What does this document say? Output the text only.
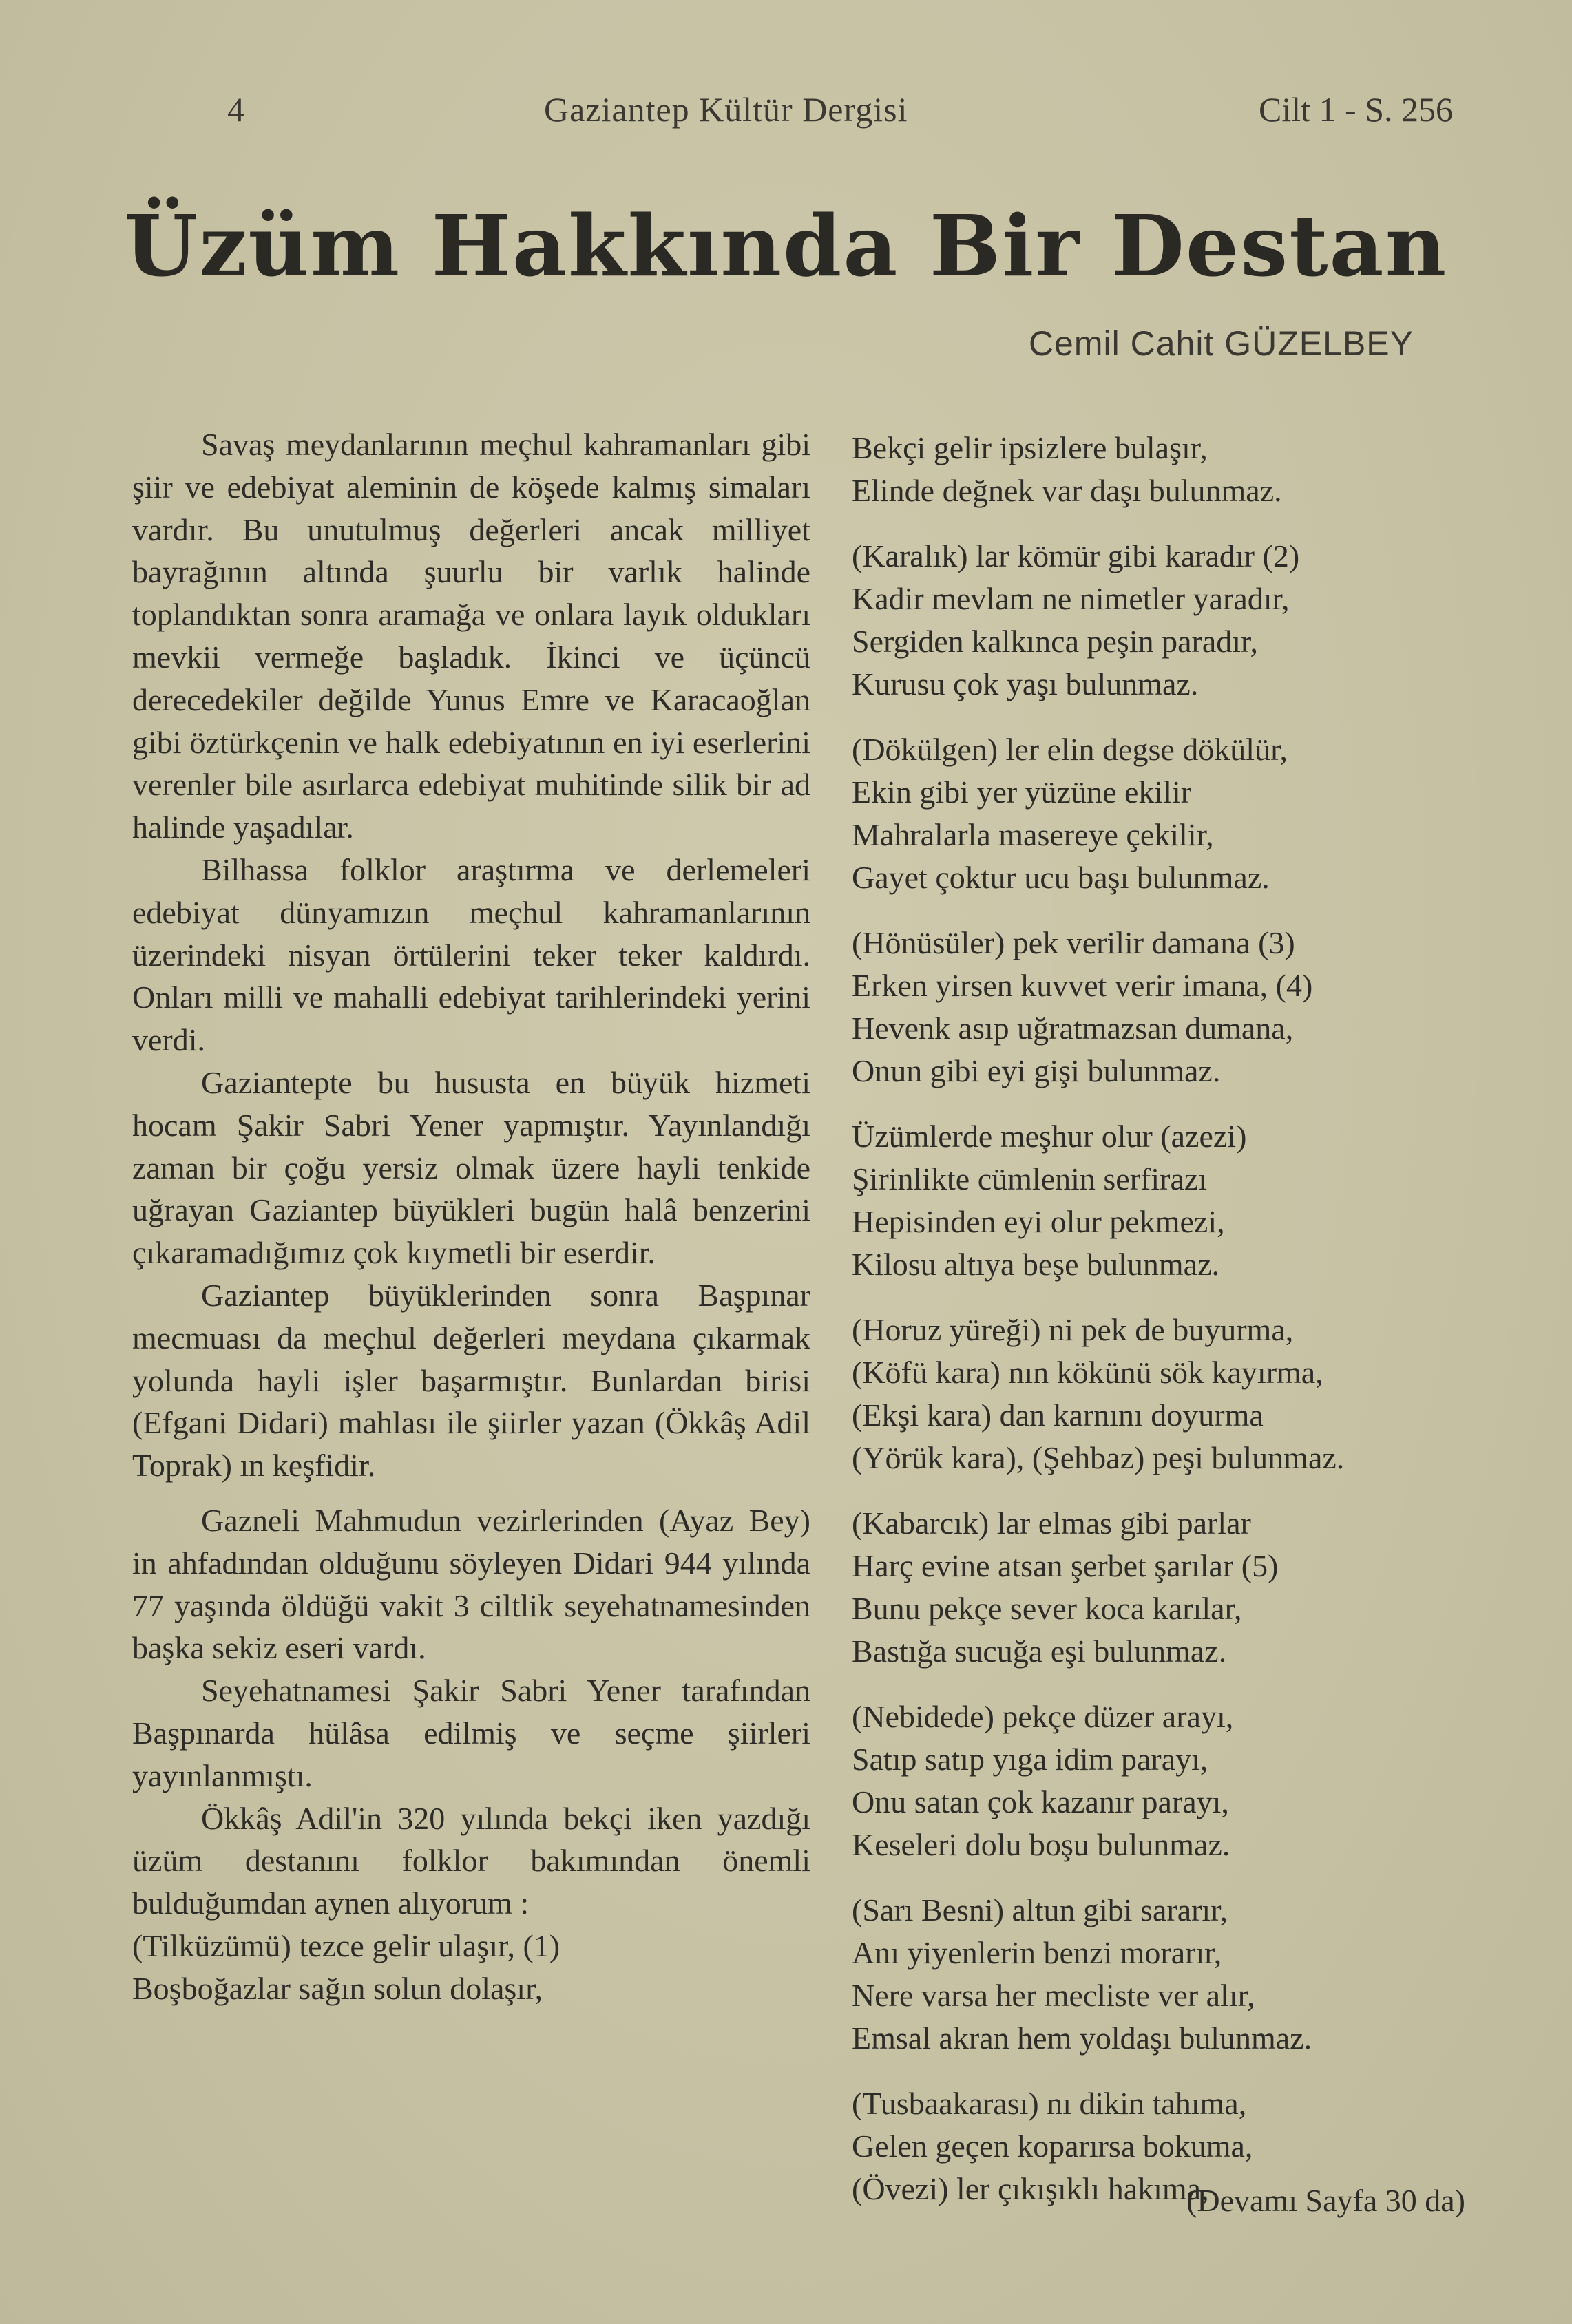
4	Gaziantep Kültür Dergisi	Cilt 1 - S. 256
Üzüm Hakkında Bir Destan
Cemil Cahit GÜZELBEY

Savaş meydanlarının meçhul kahramanları gibi şiir ve edebiyat aleminin de köşede kalmış simaları vardır. Bu unutulmuş değerleri ancak milliyet bayrağının altında şuurlu bir varlık halinde toplandıktan sonra aramağa ve onlara layık oldukları mevkii vermeğe başladık. İkinci ve üçüncü derecedekiler değilde Yunus Emre ve Karacaoğlan gibi öztürkçenin ve halk edebiyatının en iyi eserlerini verenler bile asırlarca edebiyat muhitinde silik bir ad halinde yaşadılar.

Bilhassa folklor araştırma ve derlemeleri edebiyat dünyamızın meçhul kahramanlarının üzerindeki nisyan örtülerini teker teker kaldırdı. Onları milli ve mahalli edebiyat tarihlerindeki yerini verdi.

Gaziantepte bu hususta en büyük hizmeti hocam Şakir Sabri Yener yapmıştır. Yayınlandığı zaman bir çoğu yersiz olmak üzere hayli tenkide uğrayan Gaziantep büyükleri bugün halâ benzerini çıkaramadığımız çok kıymetli bir eserdir.

Gaziantep büyüklerinden sonra Başpınar mecmuası da meçhul değerleri meydana çıkarmak yolunda hayli işler başarmıştır. Bunlardan birisi (Efgani Didari) mahlası ile şiirler yazan (Ökkâş Adil Toprak) ın keşfidir.

Gazneli Mahmudun vezirlerinden (Ayaz Bey) in ahfadından olduğunu söyleyen Didari 944 yılında 77 yaşında öldüğü vakit 3 ciltlik seyehatnamesinden başka sekiz eseri vardı.

Seyehatnamesi Şakir Sabri Yener tarafından Başpınarda hülâsa edilmiş ve seçme şiirleri yayınlanmıştı.

Ökkâş Adil'in 320 yılında bekçi iken yazdığı üzüm destanını folklor bakımından önemli bulduğumdan aynen alıyorum :

(Tilküzümü) tezce gelir ulaşır, (1)
Boşboğazlar sağın solun dolaşır,
Bekçi gelir ipsizlere bulaşır,
Elinde değnek var daşı bulunmaz.
(Karalık) lar kömür gibi karadır (2)
Kadir mevlam ne nimetler yaradır,
Sergiden kalkınca peşin paradır,
Kurusu çok yaşı bulunmaz.
(Dökülgen) ler elin degse dökülür,
Ekin gibi yer yüzüne ekilir
Mahralarla masereye çekilir,
Gayet çoktur ucu başı bulunmaz.
(Hönüsüler) pek verilir damana (3)
Erken yirsen kuvvet verir imana, (4)
Hevenk asıp uğratmazsan dumana,
Onun gibi eyi gişi bulunmaz.
Üzümlerde meşhur olur (azezi)
Şirinlikte cümlenin serfirazı
Hepisinden eyi olur pekmezi,
Kilosu altıya beşe bulunmaz.
(Horuz yüreği) ni pek de buyurma,
(Köfü kara) nın kökünü sök kayırma,
(Ekşi kara) dan karnını doyurma
(Yörük kara), (Şehbaz) peşi bulunmaz.
(Kabarcık) lar elmas gibi parlar
Harç evine atsan şerbet şarılar (5)
Bunu pekçe sever koca karılar,
Bastığa sucuğa eşi bulunmaz.
(Nebidede) pekçe düzer arayı,
Satıp satıp yıga idim parayı,
Onu satan çok kazanır parayı,
Keseleri dolu boşu bulunmaz.
(Sarı Besni) altun gibi sararır,
Anı yiyenlerin benzi morarır,
Nere varsa her mecliste ver alır,
Emsal akran hem yoldaşı bulunmaz.
(Tusbaakarası) nı dikin tahıma,
Gelen geçen koparırsa bokuma,
(Övezi) ler çıkışıklı hakıma,
(Devamı Sayfa 30 da)
